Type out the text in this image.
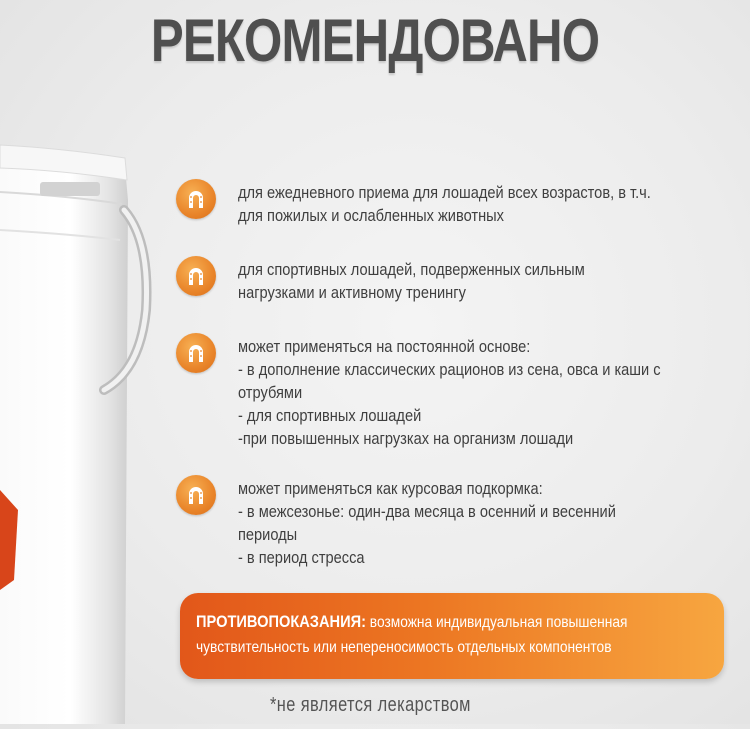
РЕКОМЕНДОВАНО
для ежедневного приема для лошадей всех возрастов, в т.ч.
для пожилых и ослабленных животных
для спортивных лошадей, подверженных сильным
нагрузками и активному тренингу
может применяться на постоянной основе:
- в дополнение классических рационов из сена, овса и каши с
отрубями
- для спортивных лошадей
-при повышенных нагрузках на организм лошади
может применяться как курсовая подкормка:
- в межсезонье: один-два месяца в осенний и весенний
периоды
- в период стресса
ПРОТИВОПОКАЗАНИЯ: возможна индивидуальная повышенная чувствительность или непереносимость отдельных компонентов
*не является лекарством
